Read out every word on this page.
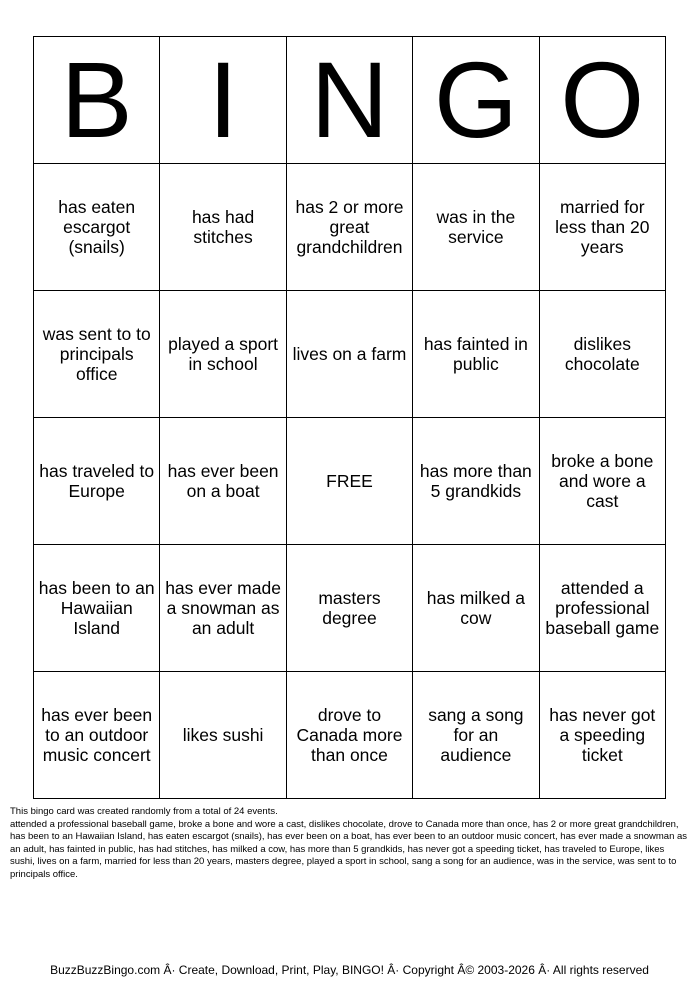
B	I	N	G	O
has eaten escargot (snails)	has had stitches	has 2 or more great grandchildren	was in the service	married for less than 20 years
was sent to to principals office	played a sport in school	lives on a farm	has fainted in public	dislikes chocolate
has traveled to Europe	has ever been on a boat	FREE	has more than 5 grandkids	broke a bone and wore a cast
has been to an Hawaiian Island	has ever made a snowman as an adult	masters degree	has milked a cow	attended a professional baseball game
has ever been to an outdoor music concert	likes sushi	drove to Canada more than once	sang a song for an audience	has never got a speeding ticket

This bingo card was created randomly from a total of 24 events.

attended a professional baseball game, broke a bone and wore a cast, dislikes chocolate, drove to Canada more than once, has 2 or more great grandchildren, has been to an Hawaiian Island, has eaten escargot (snails), has ever been on a boat, has ever been to an outdoor music concert, has ever made a snowman as an adult, has fainted in public, has had stitches, has milked a cow, has more than 5 grandkids, has never got a speeding ticket, has traveled to Europe, likes sushi, lives on a farm, married for less than 20 years, masters degree, played a sport in school, sang a song for an audience, was in the service, was sent to to principals office.

BuzzBuzzBingo.com Â· Create, Download, Print, Play, BINGO! Â· Copyright Â© 2003-2026 Â· All rights reserved
